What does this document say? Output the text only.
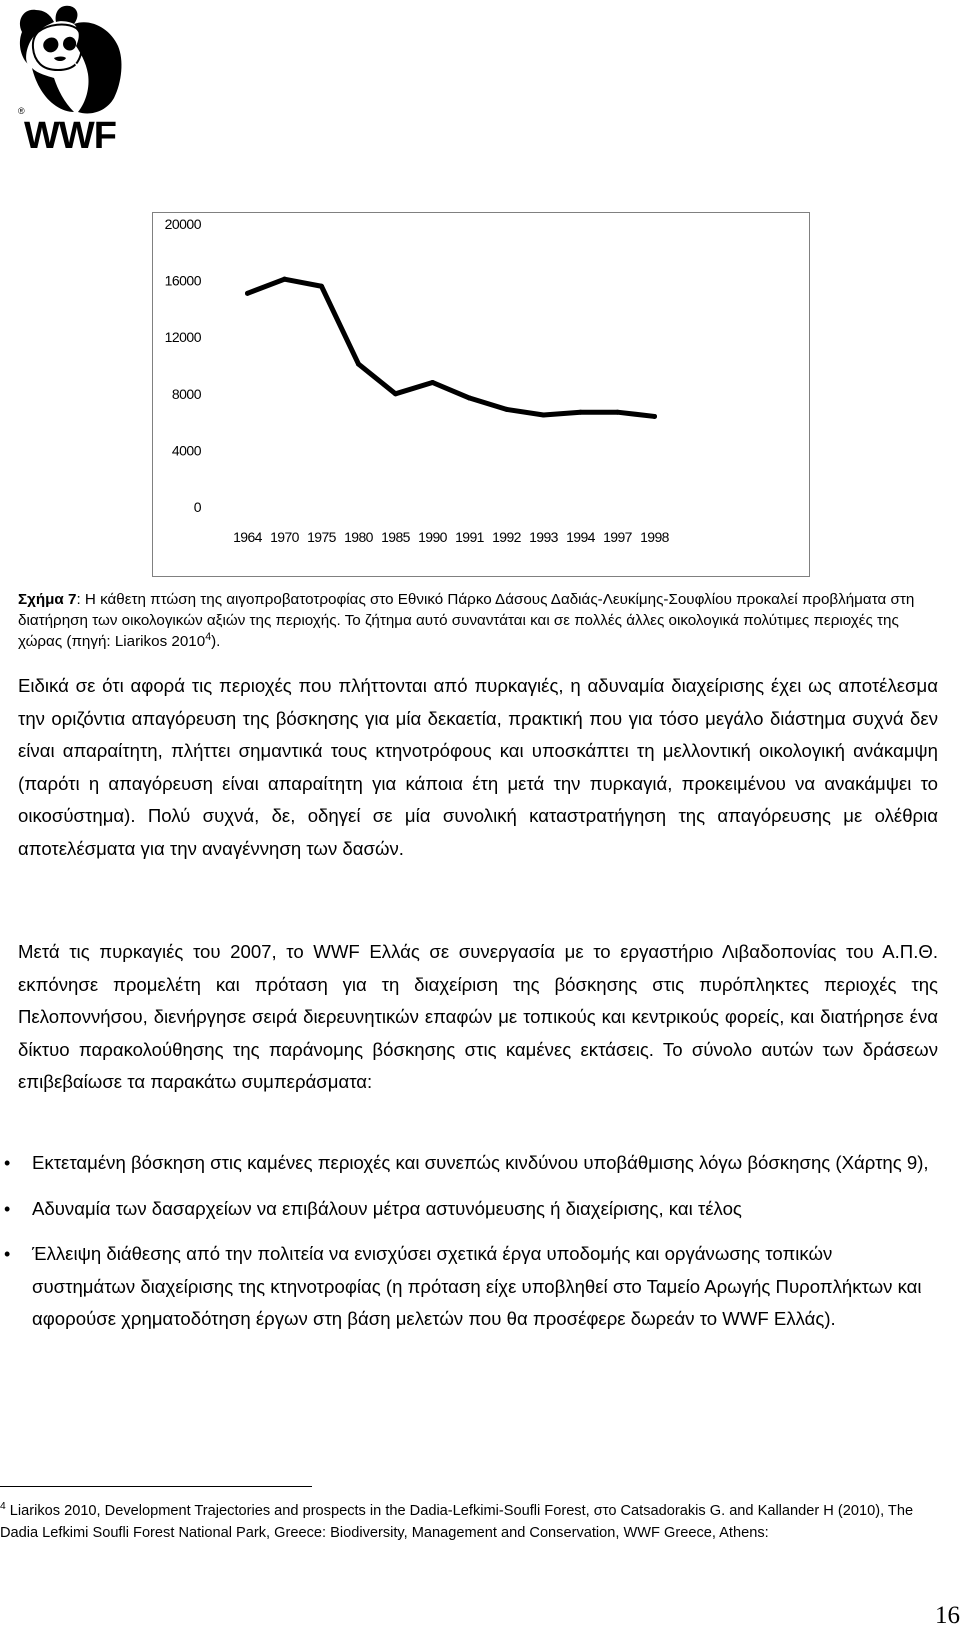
®
WWF
20000
16000
12000
8000
4000
0
1964 1970 1975 1980 1985 1990 1991 1992 1993 1994 1997 1998
Σχήμα 7: Η κάθετη πτώση της αιγοπροβατοτροφίας στο Εθνικό Πάρκο Δάσους Δαδιάς-Λευκίμης-Σουφλίου προκαλεί προβλήματα στη διατήρηση των οικολογικών αξιών της περιοχής. Το ζήτημα αυτό συναντάται και σε πολλές άλλες οικολογικά πολύτιμες περιοχές της χώρας (πηγή: Liarikos 2010$^4$).
Ειδικά σε ότι αφορά τις περιοχές που πλήττονται από πυρκαγιές, η αδυναμία διαχείρισης έχει ως αποτέλεσμα την οριζόντια απαγόρευση της βόσκησης για μία δεκαετία, πρακτική που για τόσο μεγάλο διάστημα συχνά δεν είναι απαραίτητη, πλήττει σημαντικά τους κτηνοτρόφους και υποσκάπτει τη μελλοντική οικολογική ανάκαμψη (παρότι η απαγόρευση είναι απαραίτητη για κάποια έτη μετά την πυρκαγιά, προκειμένου να ανακάμψει το οικοσύστημα). Πολύ συχνά, δε, οδηγεί σε μία συνολική καταστρατήγηση της απαγόρευσης με ολέθρια αποτελέσματα για την αναγέννηση των δασών.
Μετά τις πυρκαγιές του 2007, το WWF Ελλάς σε συνεργασία με το εργαστήριο Λιβαδοπονίας του Α.Π.Θ. εκπόνησε προμελέτη και πρόταση για τη διαχείριση της βόσκησης στις πυρόπληκτες περιοχές της Πελοποννήσου, διενήργησε σειρά διερευνητικών επαφών με τοπικούς και κεντρικούς φορείς, και διατήρησε ένα δίκτυο παρακολούθησης της παράνομης βόσκησης στις καμένες εκτάσεις. Το σύνολο αυτών των δράσεων επιβεβαίωσε τα παρακάτω συμπεράσματα:
•	Εκτεταμένη βόσκηση στις καμένες περιοχές και συνεπώς κινδύνου υποβάθμισης λόγω βόσκησης (Χάρτης 9),
•	Αδυναμία των δασαρχείων να επιβάλουν μέτρα αστυνόμευσης ή διαχείρισης, και τέλος
•	Έλλειψη διάθεσης από την πολιτεία να ενισχύσει σχετικά έργα υποδομής και οργάνωσης τοπικών συστημάτων διαχείρισης της κτηνοτροφίας (η πρόταση είχε υποβληθεί στο Ταμείο Αρωγής Πυροπλήκτων και αφορούσε χρηματοδότηση έργων στη βάση μελετών που θα προσέφερε δωρεάν το WWF Ελλάς).
$^4$ Liarikos 2010, Development Trajectories and prospects in the Dadia-Lefkimi-Soufli Forest, στο Catsadorakis G. and Kallander H (2010), The Dadia Lefkimi Soufli Forest National Park, Greece: Biodiversity, Management and Conservation, WWF Greece, Athens:
16
